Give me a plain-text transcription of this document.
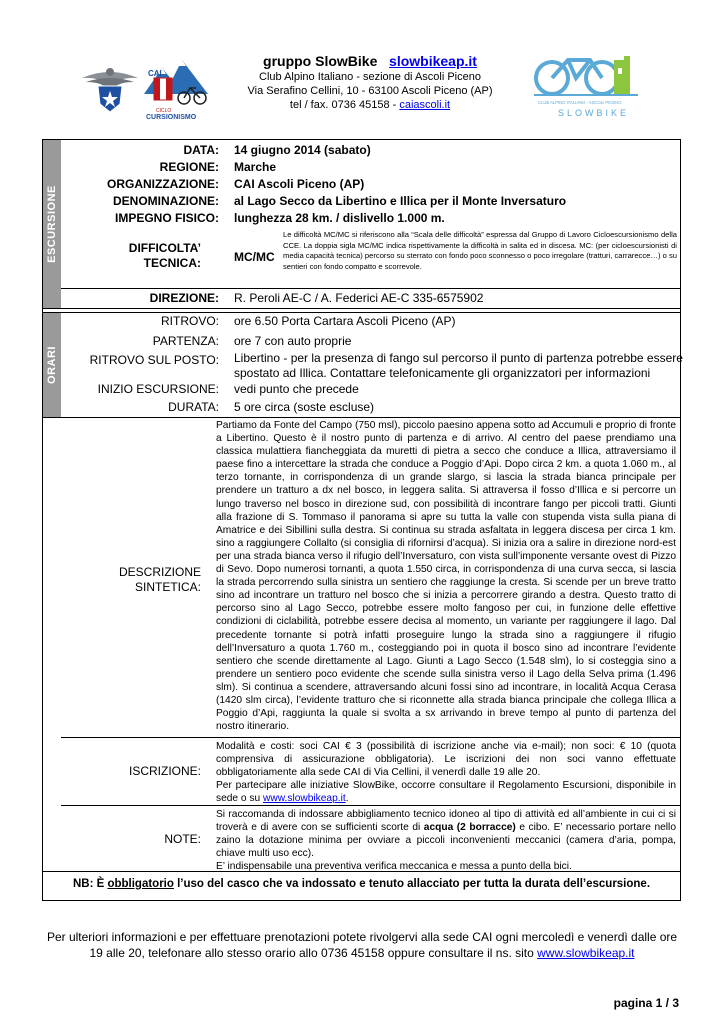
CAI
CICLO
CURSIONISMO
gruppo SlowBike slowbikeap.it
Club Alpino Italiano - sezione di Ascoli Piceno
Via Serafino Cellini, 10 - 63100 Ascoli Piceno (AP)
tel / fax. 0736 45158 - caiascoli.it	CLUB ALPINO ITALIANO - ASCOLI PICENO
SLOWBIKE
ESCURSIONE
ORARI
DATA: 14 giugno 2014 (sabato)
REGIONE: Marche
ORGANIZZAZIONE: CAI Ascoli Piceno (AP)
DENOMINAZIONE: al Lago Secco da Libertino e Illica per il Monte Inversaturo
IMPEGNO FISICO: lunghezza 28 km. / dislivello 1.000 m.
DIFFICOLTA’
TECNICA:	MC/MC
Le difficoltà MC/MC si riferiscono alla “Scala delle difficoltà” espressa dal Gruppo di Lavoro Cicloescursionismo della CCE. La doppia sigla MC/MC indica rispettivamente la difficoltà in salita ed in discesa. MC: (per cicloescursionisti di media capacità tecnica) percorso su sterrato con fondo poco sconnesso o poco irregolare (tratturi, carrarecce…) o su sentieri con fondo compatto e scorrevole.
DIREZIONE: R. Peroli AE-C / A. Federici AE-C 335-6575902
RITROVO: ore 6.50 Porta Cartara Ascoli Piceno (AP)
PARTENZA: ore 7 con auto proprie
RITROVO SUL POSTO: Libertino - per la presenza di fango sul percorso il punto di partenza potrebbe essere
spostato ad Illica. Contattare telefonicamente gli organizzatori per informazioni
INIZIO ESCURSIONE: vedi punto che precede
DURATA: 5 ore circa (soste escluse)
DESCRIZIONE
SINTETICA:
Partiamo da Fonte del Campo (750 msl), piccolo paesino appena sotto ad Accumuli e proprio di fronte a Libertino. Questo è il nostro punto di partenza e di arrivo. Al centro del paese prendiamo una classica mulattiera fiancheggiata da muretti di pietra a secco che conduce a Illica, attraversiamo il paese fino a intercettare la strada che conduce a Poggio d’Api. Dopo circa 2 km. a quota 1.060 m., al terzo tornante, in corrispondenza di un grande slargo, si lascia la strada bianca principale per prendere un tratturo a dx nel bosco, in leggera salita. Si attraversa il fosso d’Illica e si percorre un lungo traverso nel bosco in direzione sud, con possibilità di incontrare fango per piccoli tratti. Giunti alla frazione di S. Tommaso il panorama si apre su tutta la valle con stupenda vista sulla piana di Amatrice e dei Sibillini sulla destra. Si continua su strada asfaltata in leggera discesa per circa 1 km. sino a raggiungere Collalto (si consiglia di rifornirsi d’acqua). Si inizia ora a salire in direzione nord-est per una strada bianca verso il rifugio dell’Inversaturo, con vista sull’imponente versante ovest di Pizzo di Sevo. Dopo numerosi tornanti, a quota 1.550 circa, in corrispondenza di una curva secca, si lascia la strada percorrendo sulla sinistra un sentiero che raggiunge la cresta. Si scende per un breve tratto sino ad incontrare un tratturo nel bosco che si inizia a percorrere girando a destra. Questo tratto di percorso sino al Lago Secco, potrebbe essere molto fangoso per cui, in funzione delle effettive condizioni di ciclabilità, potrebbe essere decisa al momento, un variante per raggiungere il lago. Dal precedente tornante si potrà infatti proseguire lungo la strada sino a raggiungere il rifugio dell’Inversaturo a quota 1.760 m., costeggiando poi in quota il bosco sino ad incontrare l’evidente sentiero che scende direttamente al Lago. Giunti a Lago Secco (1.548 slm), lo si costeggia sino a prendere un sentiero poco evidente che scende sulla sinistra verso il Lago della Selva prima (1.496 slm). Si continua a scendere, attraversando alcuni fossi sino ad incontrare, in località Acqua Cerasa (1420 slm circa), l’evidente tratturo che si riconnette alla strada bianca principale che collega Illica a Poggio d’Api, raggiunta la quale si svolta a sx arrivando in breve tempo al punto di partenza del nostro itinerario.
ISCRIZIONE:
Modalità e costi: soci CAI € 3 (possibilità di iscrizione anche via e-mail); non soci: € 10 (quota comprensiva di assicurazione obbligatoria). Le iscrizioni dei non soci vanno effettuate obbligatoriamente alla sede CAI di Via Cellini, il venerdì dalle 19 alle 20.
Per partecipare alle iniziative SlowBike, occorre consultare il Regolamento Escursioni, disponibile in sede o su www.slowbikeap.it.
NOTE:
Si raccomanda di indossare abbigliamento tecnico idoneo al tipo di attività ed all’ambiente in cui ci si troverà e di avere con se sufficienti scorte di acqua (2 borracce) e cibo. E’ necessario portare nello zaino la dotazione minima per ovviare a piccoli inconvenienti meccanici (camera d’aria, pompa, chiave multi uso ecc).
E’ indispensabile una preventiva verifica meccanica e messa a punto della bici.
NB: È obbligatorio l’uso del casco che va indossato e tenuto allacciato per tutta la durata dell’escursione.
Per ulteriori informazioni e per effettuare prenotazioni potete rivolgervi alla sede CAI ogni mercoledì e venerdì dalle ore 19 alle 20, telefonare allo stesso orario allo 0736 45158 oppure consultare il ns. sito www.slowbikeap.it
pagina 1 / 3
